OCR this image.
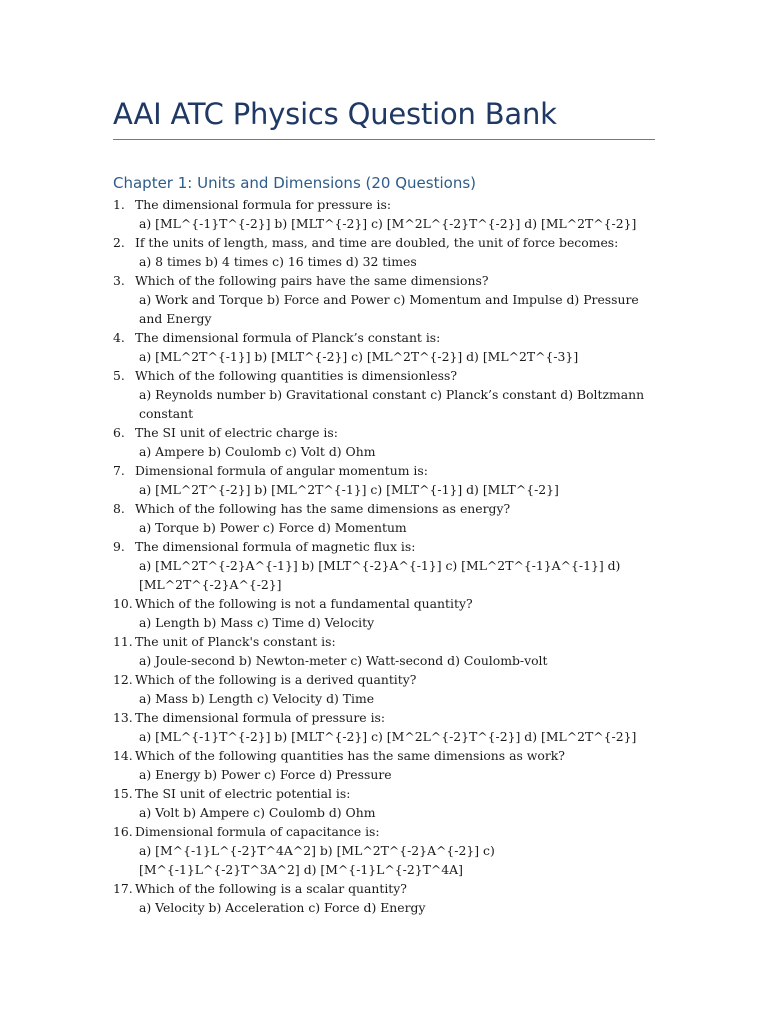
AAI ATC Physics Question Bank
Chapter 1: Units and Dimensions (20 Questions)
1. The dimensional formula for pressure is:
a) [ML^{-1}T^{-2}] b) [MLT^{-2}] c) [M^2L^{-2}T^{-2}] d) [ML^2T^{-2}]
2. If the units of length, mass, and time are doubled, the unit of force becomes:
a) 8 times b) 4 times c) 16 times d) 32 times
3. Which of the following pairs have the same dimensions?
a) Work and Torque b) Force and Power c) Momentum and Impulse d) Pressure and Energy
4. The dimensional formula of Planck’s constant is:
a) [ML^2T^{-1}] b) [MLT^{-2}] c) [ML^2T^{-2}] d) [ML^2T^{-3}]
5. Which of the following quantities is dimensionless?
a) Reynolds number b) Gravitational constant c) Planck’s constant d) Boltzmann constant
6. The SI unit of electric charge is:
a) Ampere b) Coulomb c) Volt d) Ohm
7. Dimensional formula of angular momentum is:
a) [ML^2T^{-2}] b) [ML^2T^{-1}] c) [MLT^{-1}] d) [MLT^{-2}]
8. Which of the following has the same dimensions as energy?
a) Torque b) Power c) Force d) Momentum
9. The dimensional formula of magnetic flux is:
a) [ML^2T^{-2}A^{-1}] b) [MLT^{-2}A^{-1}] c) [ML^2T^{-1}A^{-1}] d) [ML^2T^{-2}A^{-2}]
10. Which of the following is not a fundamental quantity?
a) Length b) Mass c) Time d) Velocity
11. The unit of Planck's constant is:
a) Joule-second b) Newton-meter c) Watt-second d) Coulomb-volt
12. Which of the following is a derived quantity?
a) Mass b) Length c) Velocity d) Time
13. The dimensional formula of pressure is:
a) [ML^{-1}T^{-2}] b) [MLT^{-2}] c) [M^2L^{-2}T^{-2}] d) [ML^2T^{-2}]
14. Which of the following quantities has the same dimensions as work?
a) Energy b) Power c) Force d) Pressure
15. The SI unit of electric potential is:
a) Volt b) Ampere c) Coulomb d) Ohm
16. Dimensional formula of capacitance is:
a) [M^{-1}L^{-2}T^4A^2] b) [ML^2T^{-2}A^{-2}] c) [M^{-1}L^{-2}T^3A^2] d) [M^{-1}L^{-2}T^4A]
17. Which of the following is a scalar quantity?
a) Velocity b) Acceleration c) Force d) Energy
